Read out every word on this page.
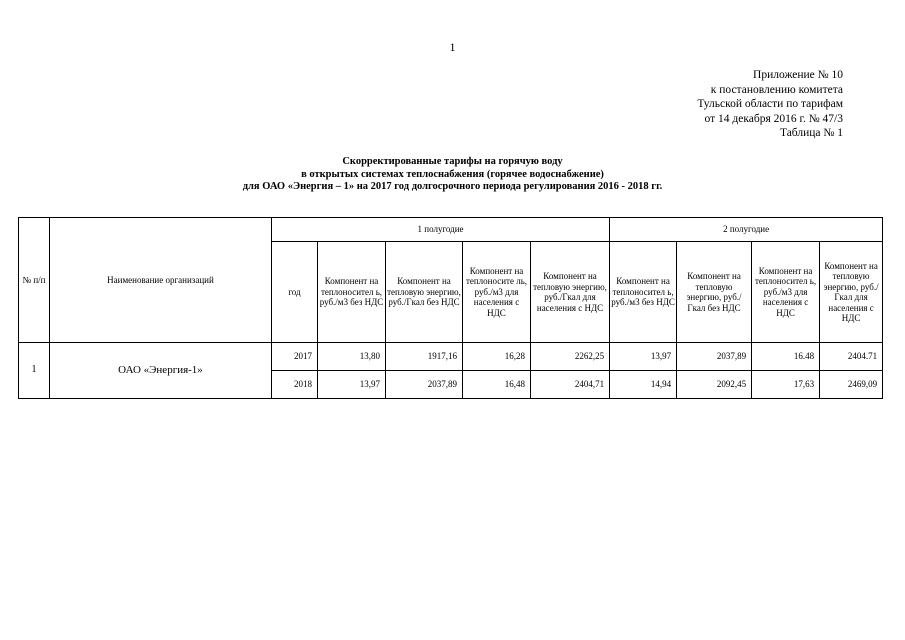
1
Приложение № 10
к постановлению комитета
Тульской области по тарифам
от 14 декабря 2016 г. № 47/3
Таблица № 1
Скорректированные тарифы на горячую воду
в открытых системах теплоснабжения (горячее водоснабжение)
для ОАО «Энергия – 1» на 2017 год долгосрочного периода регулирования 2016 - 2018 гг.
№ п/п	Наименование организаций	1 полугодие					2 полугодие			
		год	Компонент на теплоносител ь, руб./м3 без НДС	Компонент на тепловую энергию, руб./Гкал без НДС	Компонент на теплоносите ль, руб./м3 для населения с НДС	Компонент на тепловую энергию, руб./Гкал для населения с НДС	Компонент на теплоносител ь, руб./м3 без НДС	Компонент на тепловую энергию, руб./Гкал без НДС	Компонент на теплоносител ь, руб./м3 для населения с НДС	Компонент на тепловую энергию, руб./Гкал для населения с НДС
1	ОАО «Энергия-1»	2017	13,80	1917,16	16,28	2262,25	13,97	2037,89	16.48	2404.71
		2018	13,97	2037,89	16,48	2404,71	14,94	2092,45	17,63	2469,09
